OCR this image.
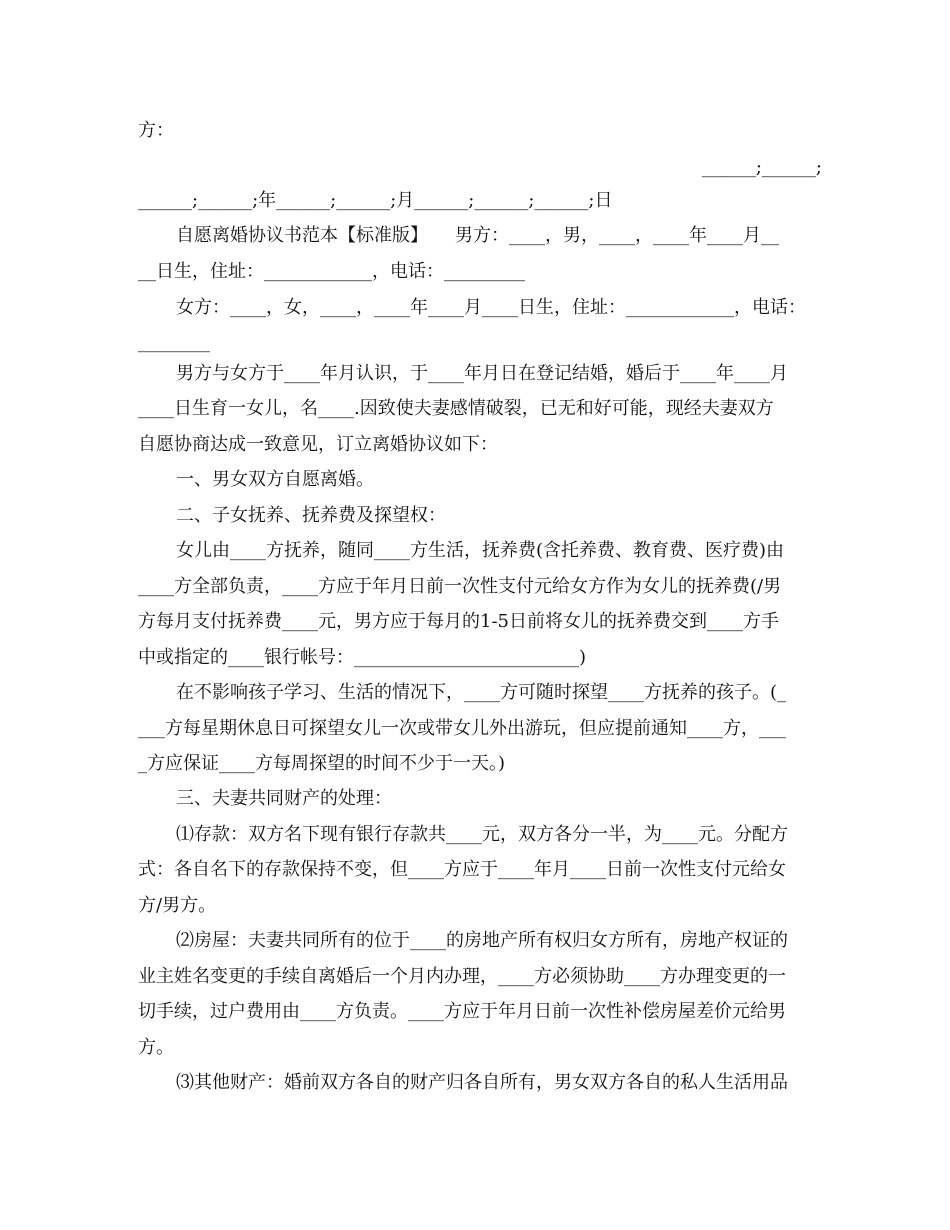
方：
______;______;
______;______;年______;______;月______;______;______;日
自愿离婚协议书范本【标准版】　　男方：____，男，____，____年____月__
__日生，住址：____________，电话：_________
女方：____，女，____，____年____月____日生，住址：____________，电话：
________
男方与女方于____年月认识，于____年月日在登记结婚，婚后于____年____月
____日生育一女儿，名____.因致使夫妻感情破裂，已无和好可能，现经夫妻双方
自愿协商达成一致意见，订立离婚协议如下：
一、男女双方自愿离婚。
二、子女抚养、抚养费及探望权：
女儿由____方抚养，随同____方生活，抚养费(含托养费、教育费、医疗费)由
____方全部负责，____方应于年月日前一次性支付元给女方作为女儿的抚养费(/男
方每月支付抚养费____元，男方应于每月的1-5日前将女儿的抚养费交到____方手
中或指定的____银行帐号：_________________________)
在不影响孩子学习、生活的情况下，____方可随时探望____方抚养的孩子。(_
___方每星期休息日可探望女儿一次或带女儿外出游玩，但应提前通知____方，___
_方应保证____方每周探望的时间不少于一天。)
三、夫妻共同财产的处理：
⑴存款：双方名下现有银行存款共____元，双方各分一半，为____元。分配方
式：各自名下的存款保持不变，但____方应于____年月____日前一次性支付元给女
方/男方。
⑵房屋：夫妻共同所有的位于____的房地产所有权归女方所有，房地产权证的
业主姓名变更的手续自离婚后一个月内办理，____方必须协助____方办理变更的一
切手续，过户费用由____方负责。____方应于年月日前一次性补偿房屋差价元给男
方。
⑶其他财产：婚前双方各自的财产归各自所有，男女双方各自的私人生活用品
